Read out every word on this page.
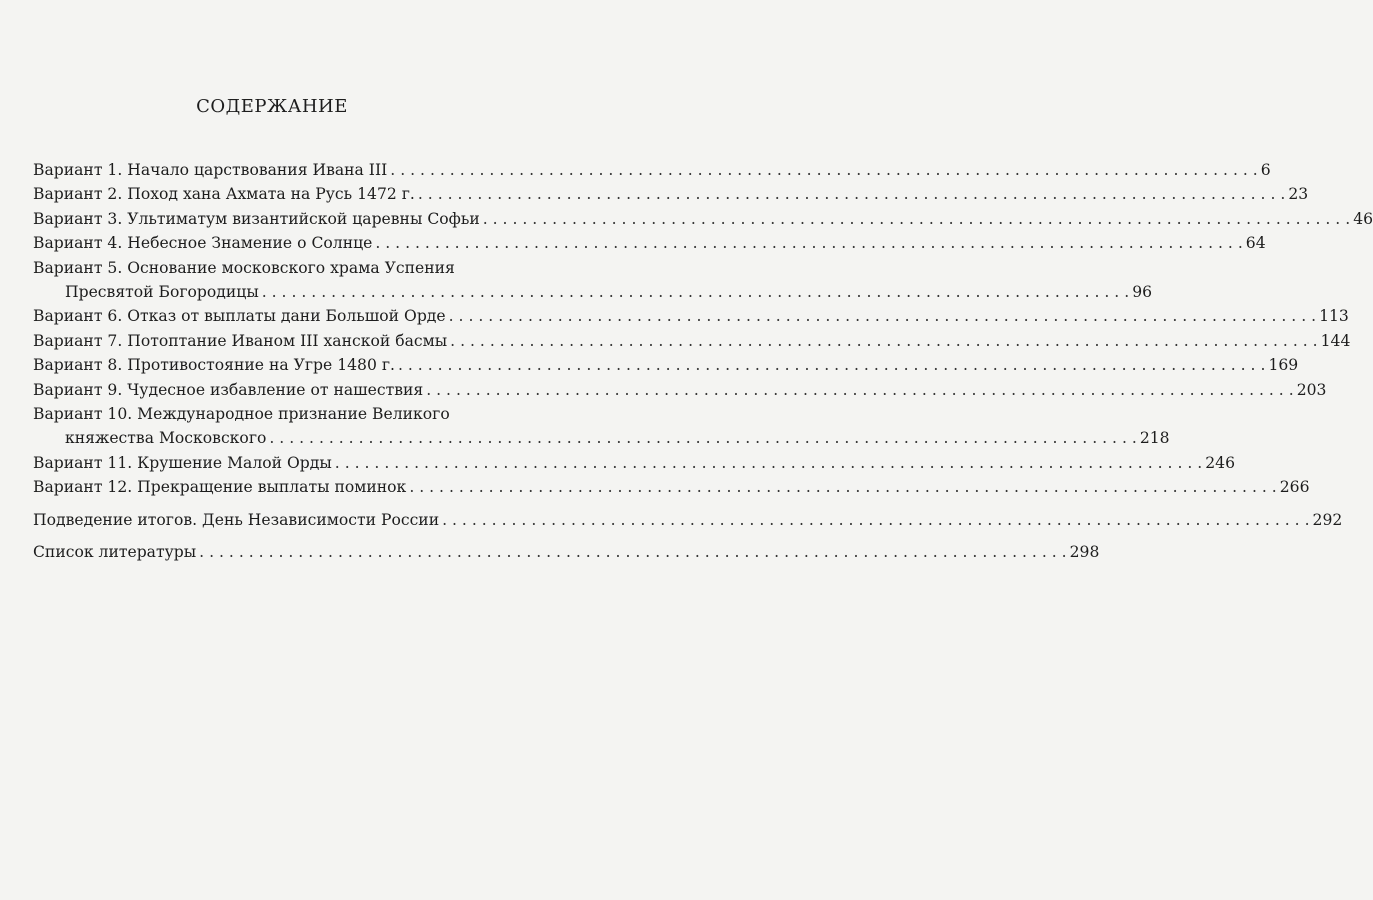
СОДЕРЖАНИЕ
Вариант 1. Начало царствования Ивана III . . .	6
Вариант 2. Поход хана Ахмата на Русь 1472 г. . . .	23
Вариант 3. Ультиматум византийской царевны Софьи . . .	46
Вариант 4. Небесное Знамение о Солнце . . .	64
Вариант 5. Основание московского храма Успения
Пресвятой Богородицы . . .	96
Вариант 6. Отказ от выплаты дани Большой Орде . . .	113
Вариант 7. Потоптание Иваном III ханской басмы . . .	144
Вариант 8. Противостояние на Угре 1480 г. . . .	169
Вариант 9. Чудесное избавление от нашествия . . .	203
Вариант 10. Международное признание Великого
княжества Московского . . .	218
Вариант 11. Крушение Малой Орды . . .	246
Вариант 12. Прекращение выплаты поминок . . .	266
Подведение итогов. День Независимости России . . .	292
Список литературы . . .	298
